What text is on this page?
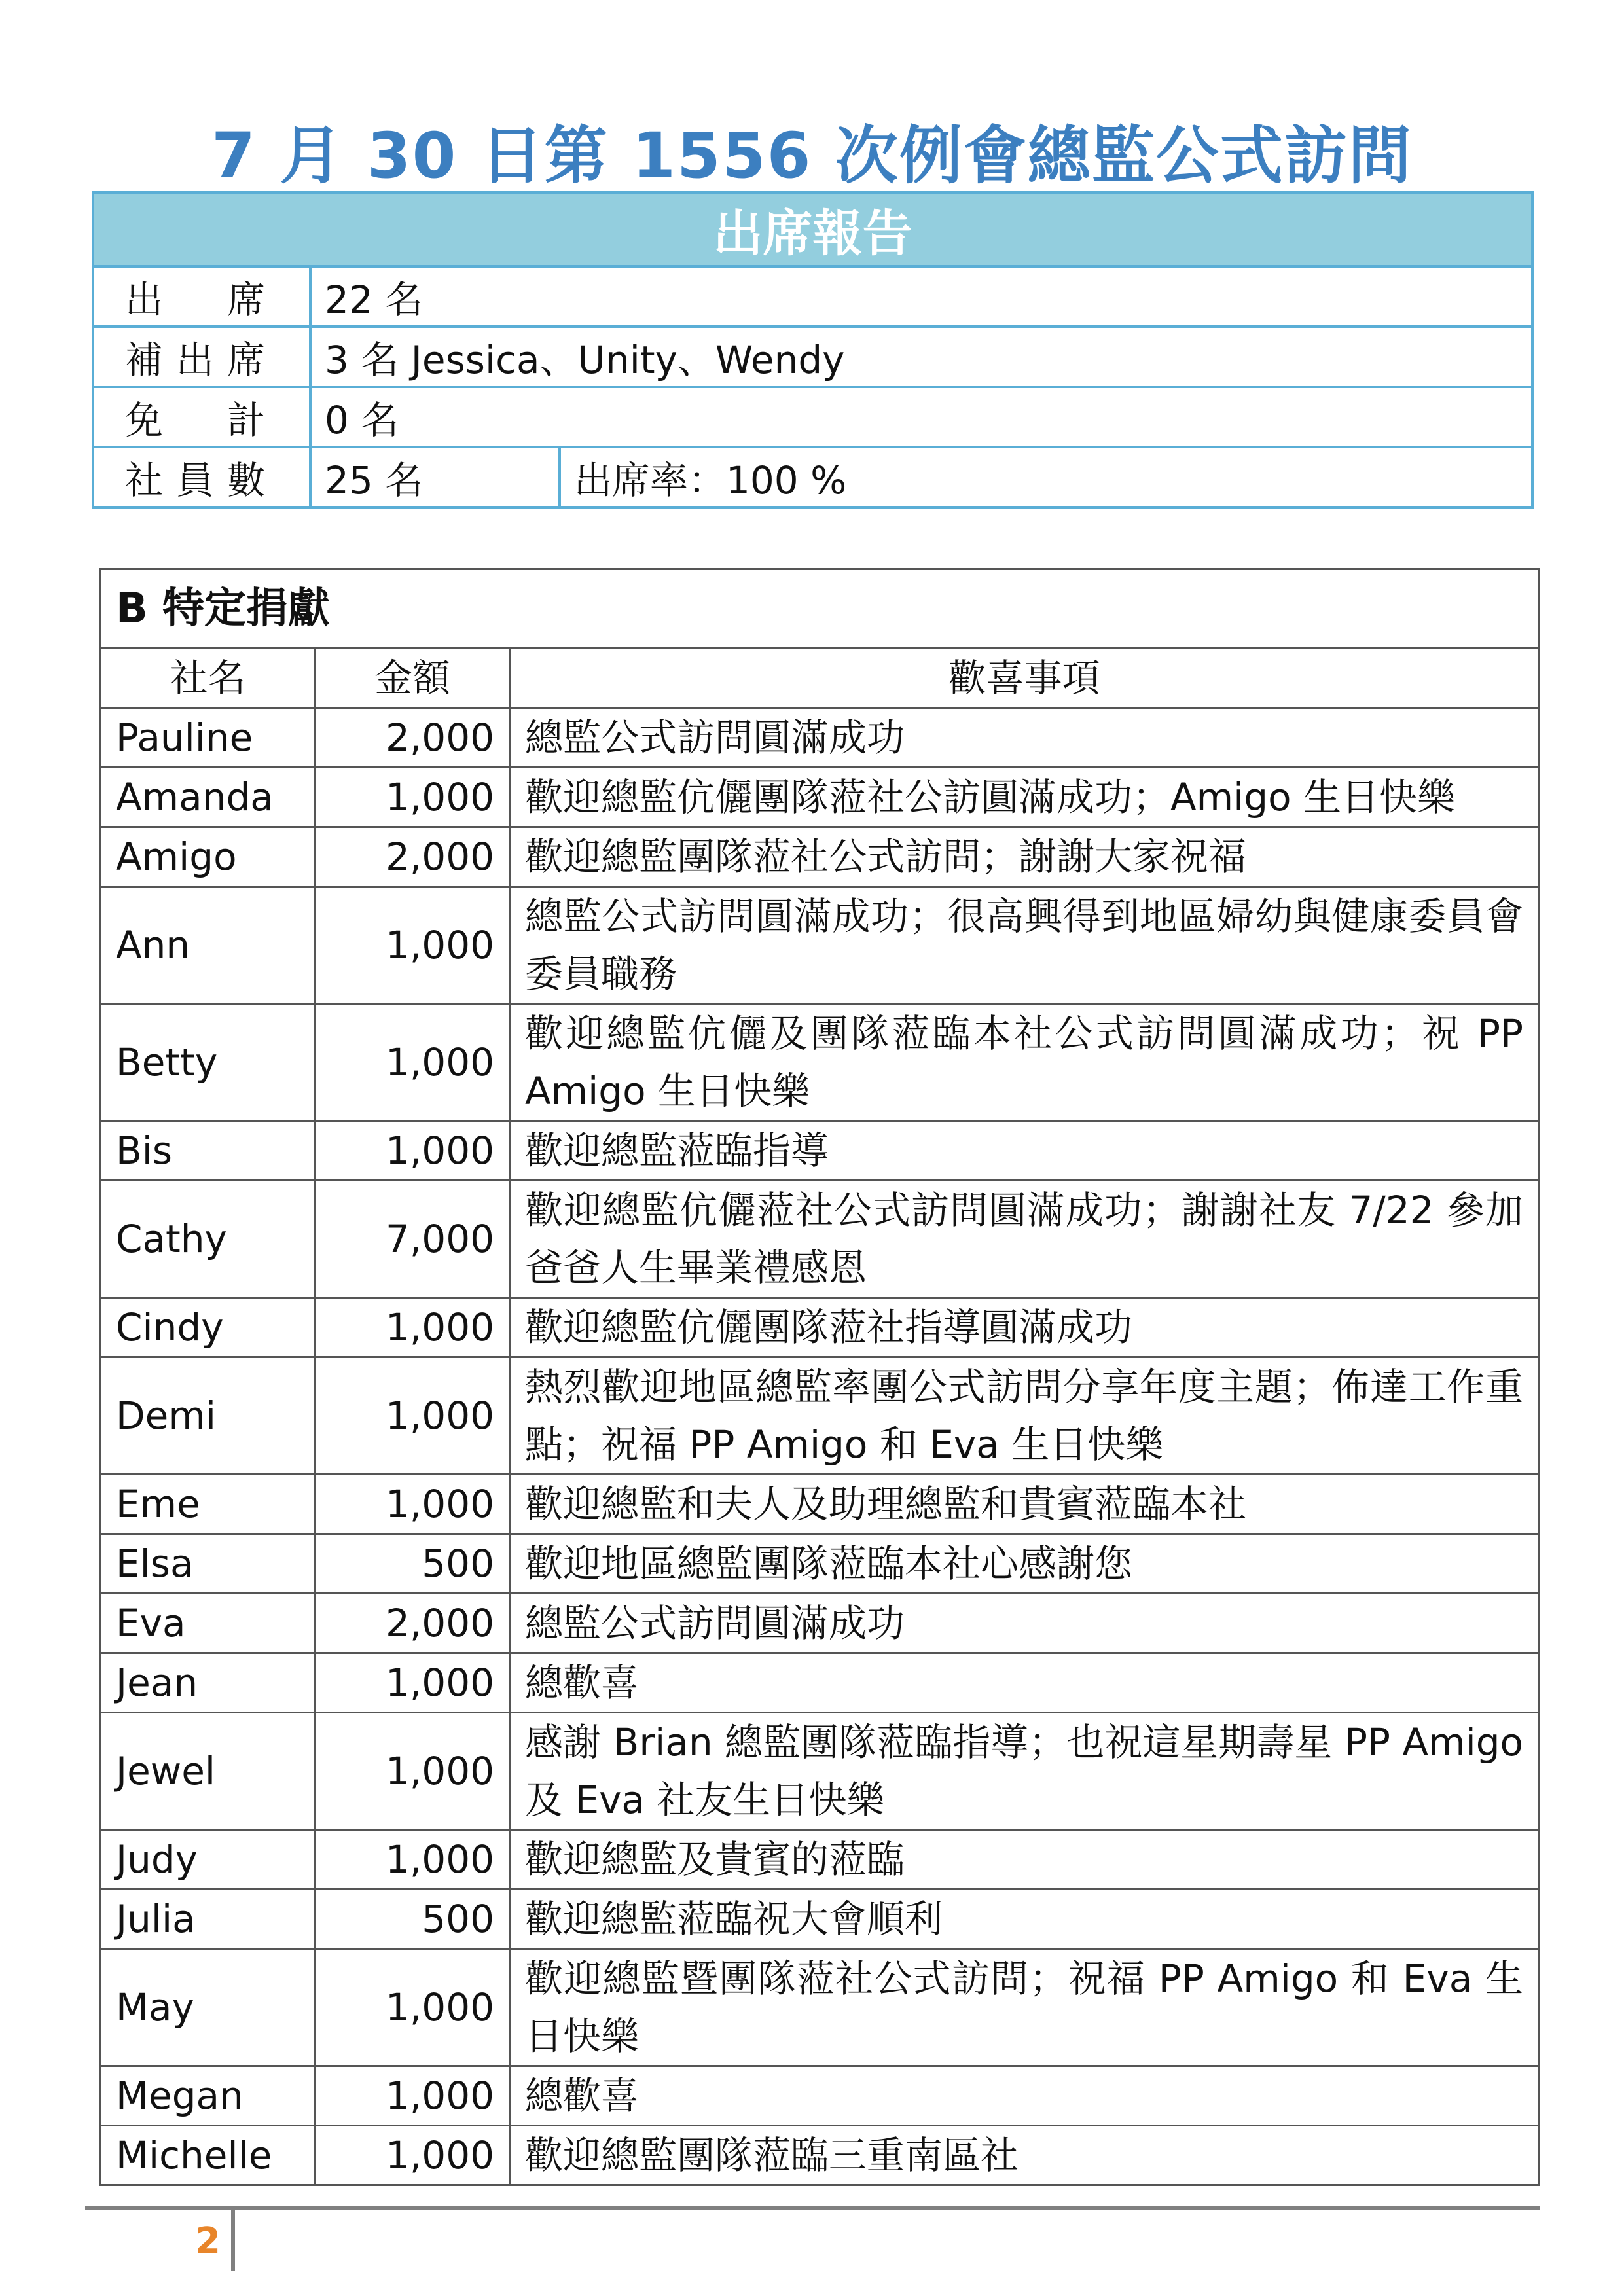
7 月 30 日第 1556 次例會總監公式訪問
出席報告		
出　席	22 名	
補出席	3 名 Jessica、Unity、Wendy	
免　計	0 名	
社員數	25 名	出席率：100 %
B 特定捐獻		
社名	金額	歡喜事項
Pauline	2,000	總監公式訪問圓滿成功
Amanda	1,000	歡迎總監伉儷團隊蒞社公訪圓滿成功；Amigo 生日快樂
Amigo	2,000	歡迎總監團隊蒞社公式訪問；謝謝大家祝福
Ann	1,000	總監公式訪問圓滿成功；很高興得到地區婦幼與健康委員會委員職務
Betty	1,000	歡迎總監伉儷及團隊蒞臨本社公式訪問圓滿成功；祝 PP Amigo 生日快樂
Bis	1,000	歡迎總監蒞臨指導
Cathy	7,000	歡迎總監伉儷蒞社公式訪問圓滿成功；謝謝社友 7/22 參加爸爸人生畢業禮感恩
Cindy	1,000	歡迎總監伉儷團隊蒞社指導圓滿成功
Demi	1,000	熱烈歡迎地區總監率團公式訪問分享年度主題；佈達工作重點；祝福 PP Amigo 和 Eva 生日快樂
Eme	1,000	歡迎總監和夫人及助理總監和貴賓蒞臨本社
Elsa	500	歡迎地區總監團隊蒞臨本社心感謝您
Eva	2,000	總監公式訪問圓滿成功
Jean	1,000	總歡喜
Jewel	1,000	感謝 Brian 總監團隊蒞臨指導；也祝這星期壽星 PP Amigo 及 Eva 社友生日快樂
Judy	1,000	歡迎總監及貴賓的蒞臨
Julia	500	歡迎總監蒞臨祝大會順利
May	1,000	歡迎總監暨團隊蒞社公式訪問；祝福 PP Amigo 和 Eva 生日快樂
Megan	1,000	總歡喜
Michelle	1,000	歡迎總監團隊蒞臨三重南區社
2
